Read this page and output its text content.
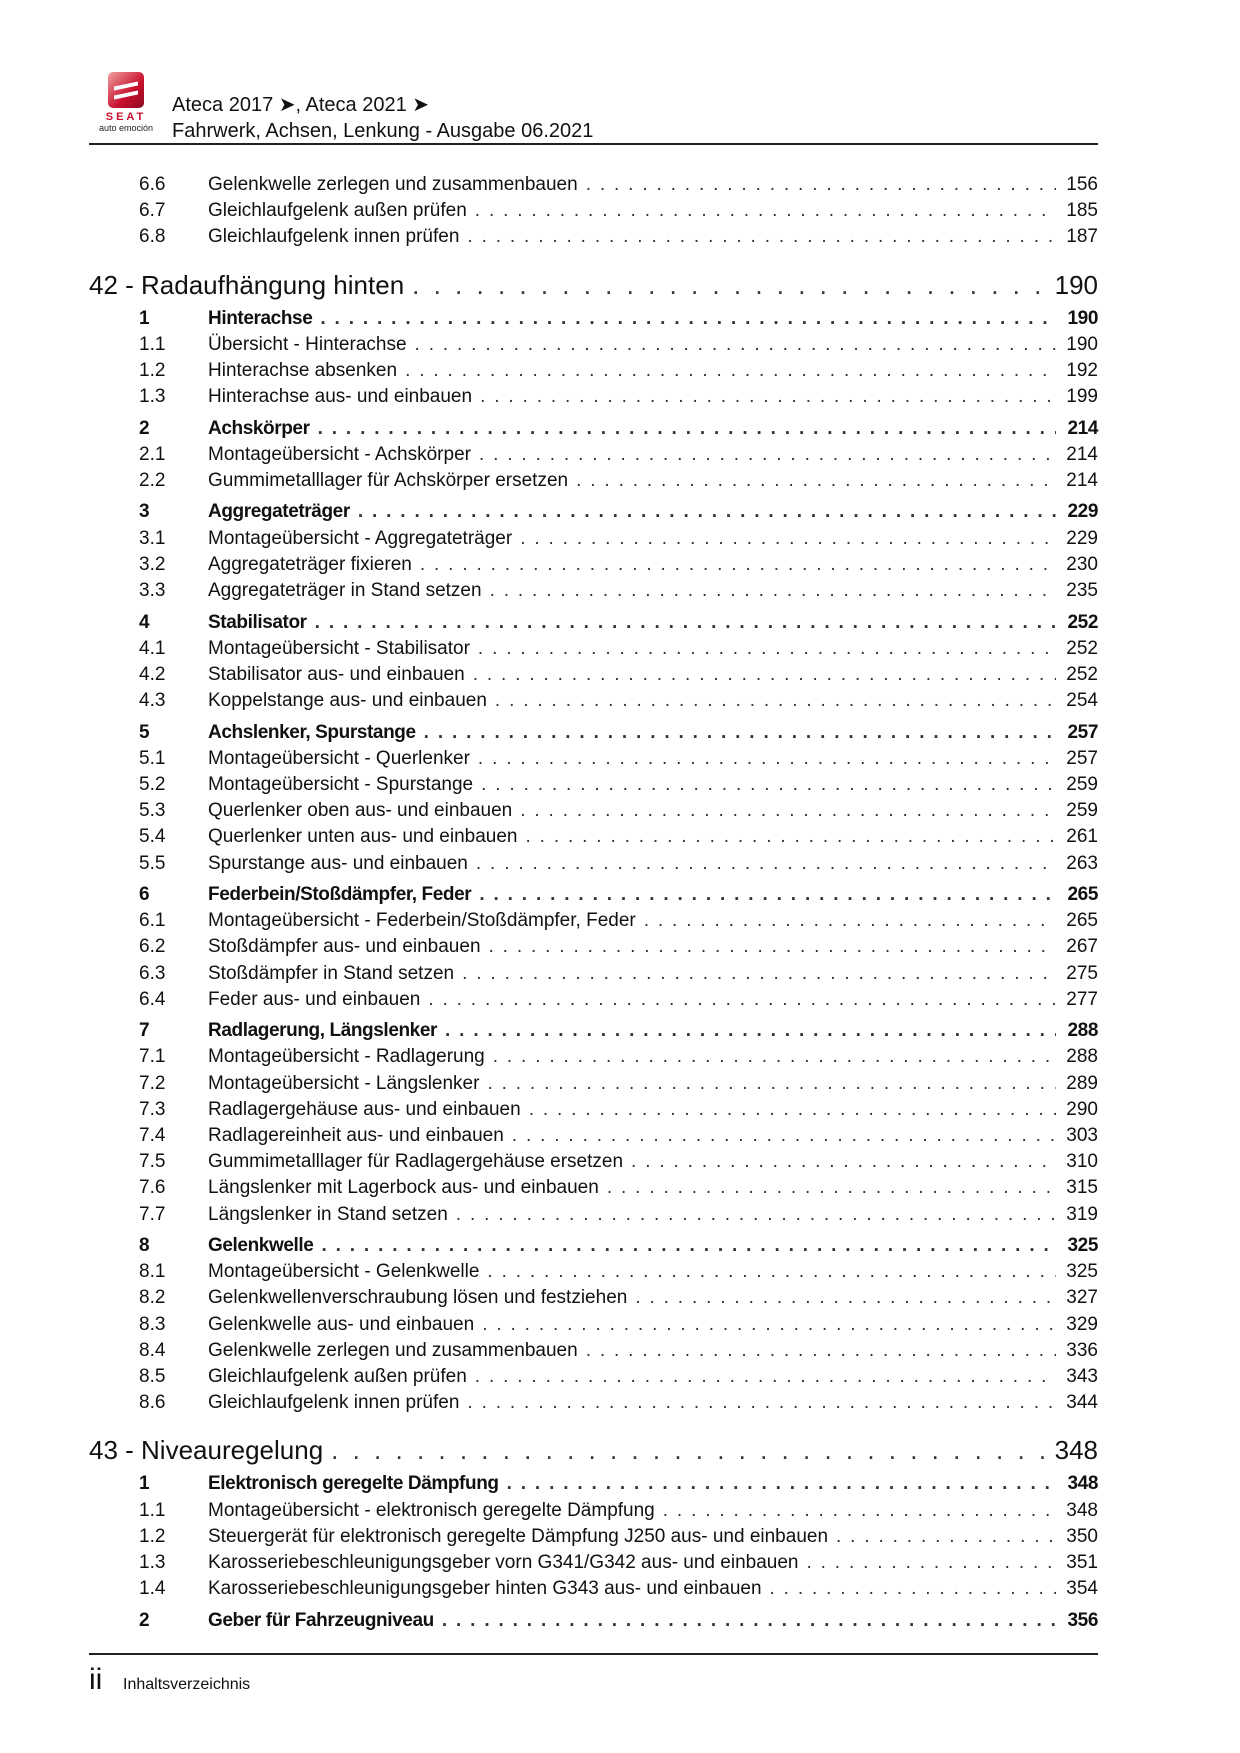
SEAT
auto emoción
Ateca 2017 ➤, Ateca 2021 ➤
Fahrwerk, Achsen, Lenkung - Ausgabe 06.2021
6.6	Gelenkwelle zerlegen und zusammenbauen . . .	156
6.7	Gleichlaufgelenk außen prüfen . . .	185
6.8	Gleichlaufgelenk innen prüfen . . .	187
42 - Radaufhängung hinten . . .	190
1	Hinterachse . . .	190
1.1	Übersicht - Hinterachse . . .	190
1.2	Hinterachse absenken . . .	192
1.3	Hinterachse aus- und einbauen . . .	199
2	Achskörper . . .	214
2.1	Montageübersicht - Achskörper . . .	214
2.2	Gummimetalllager für Achskörper ersetzen . . .	214
3	Aggregateträger . . .	229
3.1	Montageübersicht - Aggregateträger . . .	229
3.2	Aggregateträger fixieren . . .	230
3.3	Aggregateträger in Stand setzen . . .	235
4	Stabilisator . . .	252
4.1	Montageübersicht - Stabilisator . . .	252
4.2	Stabilisator aus- und einbauen . . .	252
4.3	Koppelstange aus- und einbauen . . .	254
5	Achslenker, Spurstange . . .	257
5.1	Montageübersicht - Querlenker . . .	257
5.2	Montageübersicht - Spurstange . . .	259
5.3	Querlenker oben aus- und einbauen . . .	259
5.4	Querlenker unten aus- und einbauen . . .	261
5.5	Spurstange aus- und einbauen . . .	263
6	Federbein/Stoßdämpfer, Feder . . .	265
6.1	Montageübersicht - Federbein/Stoßdämpfer, Feder . . .	265
6.2	Stoßdämpfer aus- und einbauen . . .	267
6.3	Stoßdämpfer in Stand setzen . . .	275
6.4	Feder aus- und einbauen . . .	277
7	Radlagerung, Längslenker . . .	288
7.1	Montageübersicht - Radlagerung . . .	288
7.2	Montageübersicht - Längslenker . . .	289
7.3	Radlagergehäuse aus- und einbauen . . .	290
7.4	Radlagereinheit aus- und einbauen . . .	303
7.5	Gummimetalllager für Radlagergehäuse ersetzen . . .	310
7.6	Längslenker mit Lagerbock aus- und einbauen . . .	315
7.7	Längslenker in Stand setzen . . .	319
8	Gelenkwelle . . .	325
8.1	Montageübersicht - Gelenkwelle . . .	325
8.2	Gelenkwellenverschraubung lösen und festziehen . . .	327
8.3	Gelenkwelle aus- und einbauen . . .	329
8.4	Gelenkwelle zerlegen und zusammenbauen . . .	336
8.5	Gleichlaufgelenk außen prüfen . . .	343
8.6	Gleichlaufgelenk innen prüfen . . .	344
43 - Niveauregelung . . .	348
1	Elektronisch geregelte Dämpfung . . .	348
1.1	Montageübersicht - elektronisch geregelte Dämpfung . . .	348
1.2	Steuergerät für elektronisch geregelte Dämpfung J250 aus- und einbauen . . .	350
1.3	Karosseriebeschleunigungsgeber vorn G341/G342 aus- und einbauen . . .	351
1.4	Karosseriebeschleunigungsgeber hinten G343 aus- und einbauen . . .	354
2	Geber für Fahrzeugniveau . . .	356
ii	Inhaltsverzeichnis
